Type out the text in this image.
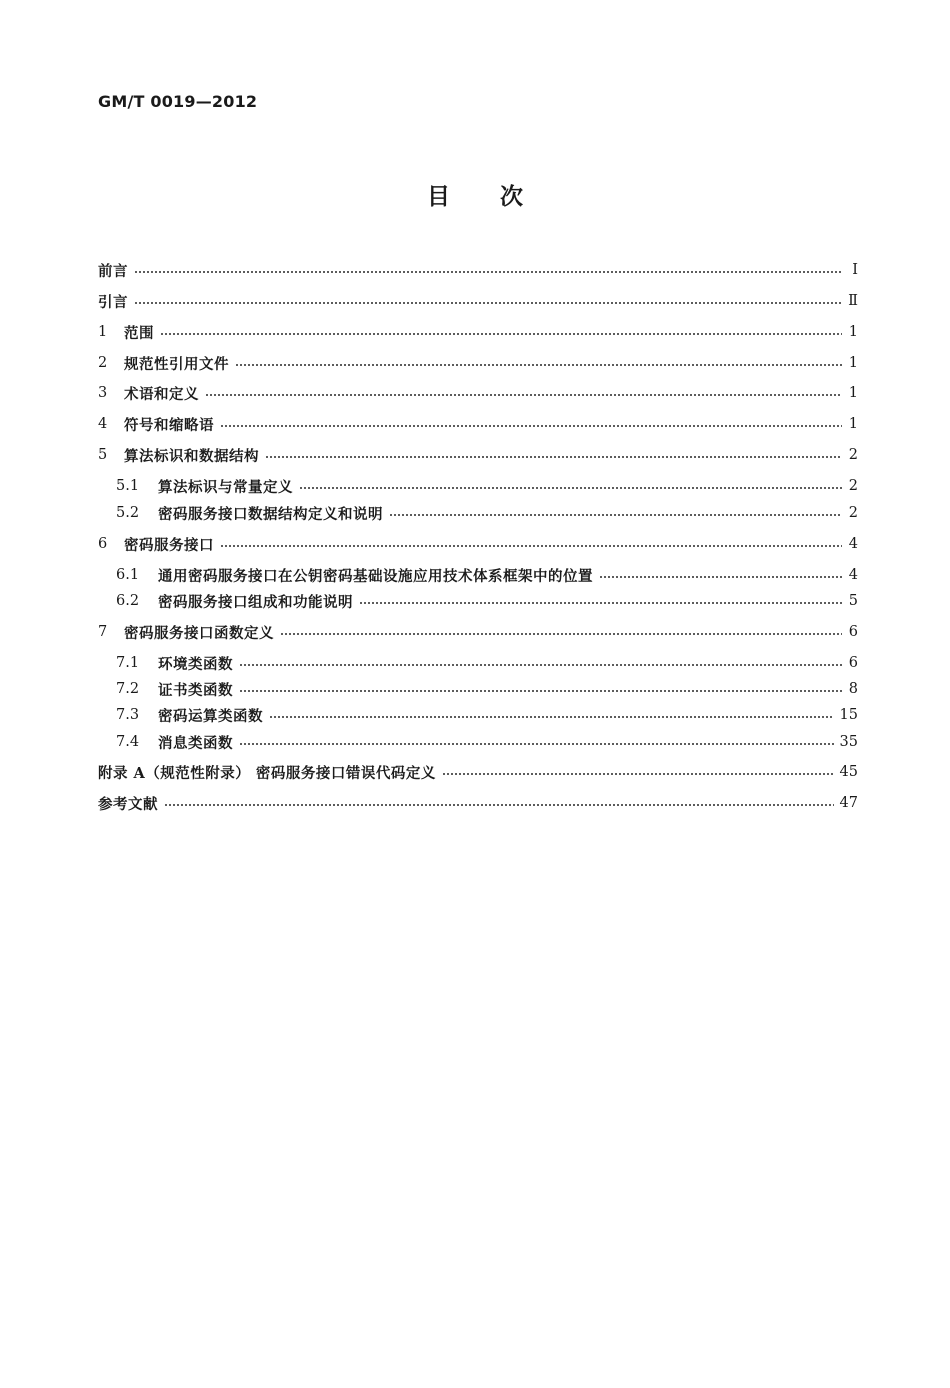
GM/T 0019—2012
目次
前言	Ⅰ
引言	Ⅱ
1	范围	1
2	规范性引用文件	1
3	术语和定义	1
4	符号和缩略语	1
5	算法标识和数据结构	2
5.1	算法标识与常量定义	2
5.2	密码服务接口数据结构定义和说明	2
6	密码服务接口	4
6.1	通用密码服务接口在公钥密码基础设施应用技术体系框架中的位置	4
6.2	密码服务接口组成和功能说明	5
7	密码服务接口函数定义	6
7.1	环境类函数	6
7.2	证书类函数	8
7.3	密码运算类函数	15
7.4	消息类函数	35
附录 A（规范性附录） 密码服务接口错误代码定义	45
参考文献	47
